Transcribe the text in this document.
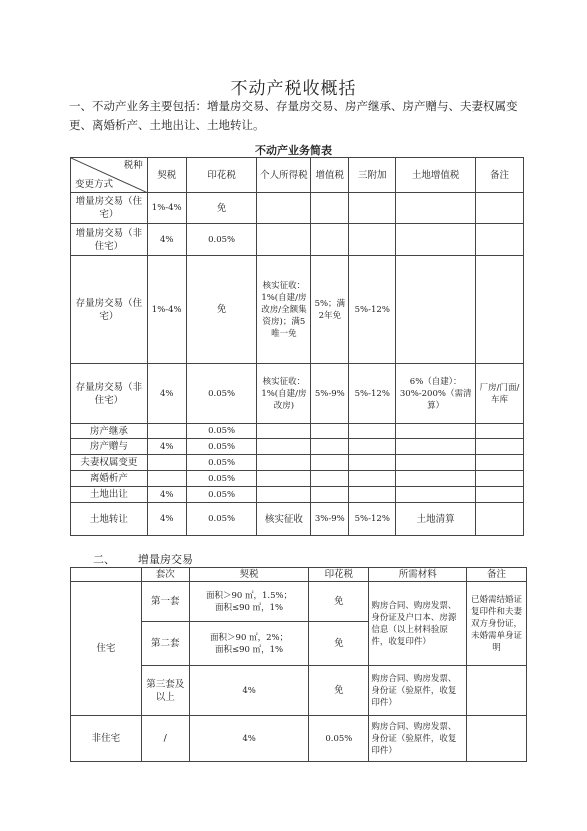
不动产税收概括
一、不动产业务主要包括：增量房交易、存量房交易、房产继承、房产赠与、夫妻权属变更、离婚析产、土地出让、土地转让。
不动产业务简表
税种
变更方式	契税	印花税	个人所得税	增值税	三附加	土地增值税	备注
增量房交易（住宅）	1%-4%	免					
增量房交易（非住宅）	4%	0.05%					
存量房交易（住宅）	1%-4%	免	核实征收：1%(自建/房改房/全额集资房)；满5唯一免	5%；满2年免	5%-12%		
存量房交易（非住宅）	4%	0.05%	核实征收：1%(自建/房改房)	5%-9%	5%-12%	6%（自建）：30%-200%（需清算）	厂房/门面/车库
房产继承		0.05%					
房产赠与	4%	0.05%					
夫妻权属变更		0.05%					
离婚析产		0.05%					
土地出让	4%	0.05%					
土地转让	4%	0.05%	核实征收	3%-9%	5%-12%	土地清算	
二、 增量房交易
	套次	契税	印花税	所需材料	备注
住宅	第一套	面积＞90 ㎡，1.5%；
面积≤90 ㎡，1%	免	购房合同、购房发票、身份证及户口本、房源信息（以上材料验原件，收复印件）	已婚需结婚证复印件和夫妻双方身份证，未婚需单身证明
	第二套	面积＞90 ㎡，2%；
面积≤90 ㎡，1%	免		
	第三套及以上	4%	免	购房合同、购房发票、身份证（验原件，收复印件）	
非住宅	/	4%	0.05%	购房合同、购房发票、身份证（验原件，收复印件）	
